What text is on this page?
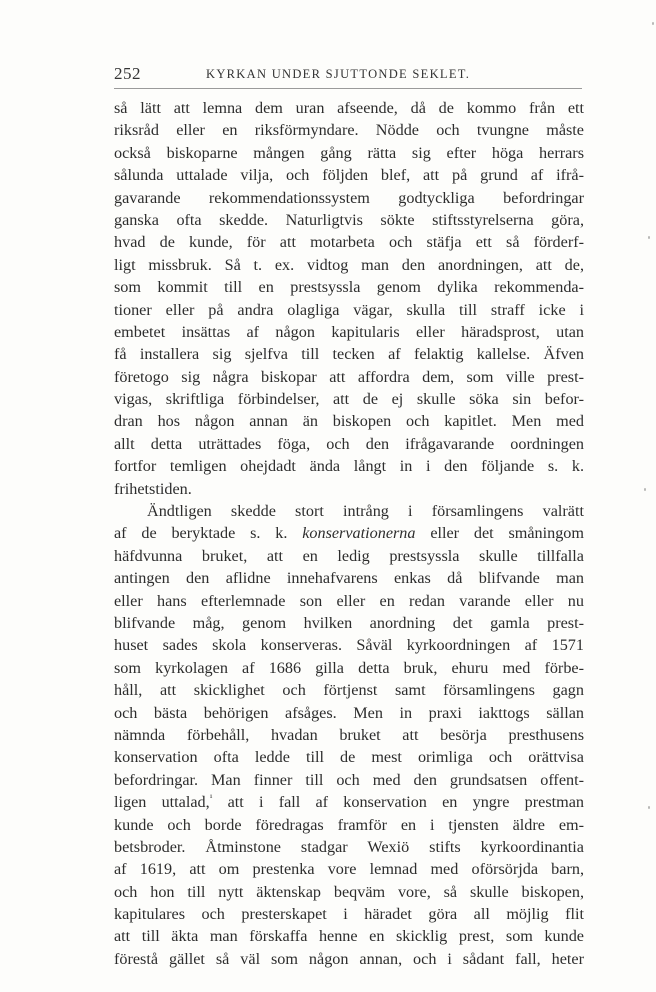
252	KYRKAN UNDER SJUTTONDE SEKLET.
så lätt att lemna dem uran afseende, då de kommo från ett
riksråd eller en riksförmyndare. Nödde och tvungne måste
också biskoparne mången gång rätta sig efter höga herrars
sålunda uttalade vilja, och följden blef, att på grund af ifrå-
gavarande rekommendationssystem godtyckliga befordringar
ganska ofta skedde. Naturligtvis sökte stiftsstyrelserna göra,
hvad de kunde, för att motarbeta och stäfja ett så förderf-
ligt missbruk. Så t. ex. vidtog man den anordningen, att de,
som kommit till en prestsyssla genom dylika rekommenda-
tioner eller på andra olagliga vägar, skulla till straff icke i
embetet insättas af någon kapitularis eller häradsprost, utan
få installera sig sjelfva till tecken af felaktig kallelse. Äfven
företogo sig några biskopar att affordra dem, som ville prest-
vigas, skriftliga förbindelser, att de ej skulle söka sin befor-
dran hos någon annan än biskopen och kapitlet. Men med
allt detta uträttades föga, och den ifrågavarande oordningen
fortfor temligen ohejdadt ända långt in i den följande s. k.
frihetstiden.
Ändtligen skedde stort intrång i församlingens valrätt
af de beryktade s. k. konservationerna eller det småningom
häfdvunna bruket, att en ledig prestsyssla skulle tillfalla
antingen den aflidne innehafvarens enkas då blifvande man
eller hans efterlemnade son eller en redan varande eller nu
blifvande måg, genom hvilken anordning det gamla prest-
huset sades skola konserveras. Såväl kyrkoordningen af 1571
som kyrkolagen af 1686 gilla detta bruk, ehuru med förbe-
håll, att skicklighet och förtjenst samt församlingens gagn
och bästa behörigen afsåges. Men in praxi iakttogs sällan
nämnda förbehåll, hvadan bruket att besörja presthusens
konservation ofta ledde till de mest orimliga och orättvisa
befordringar. Man finner till och med den grundsatsen offent-
ligen uttalad,$^{^1}$ att i fall af konservation en yngre prestman
kunde och borde föredragas framför en i tjensten äldre em-
betsbroder. Åtminstone stadgar Wexiö stifts kyrkoordinantia
af 1619, att om prestenka vore lemnad med oförsörjda barn,
och hon till nytt äktenskap beqväm vore, så skulle biskopen,
kapitulares och presterskapet i häradet göra all möjlig flit
att till äkta man förskaffa henne en skicklig prest, som kunde
förestå gället så väl som någon annan, och i sådant fall, heter
